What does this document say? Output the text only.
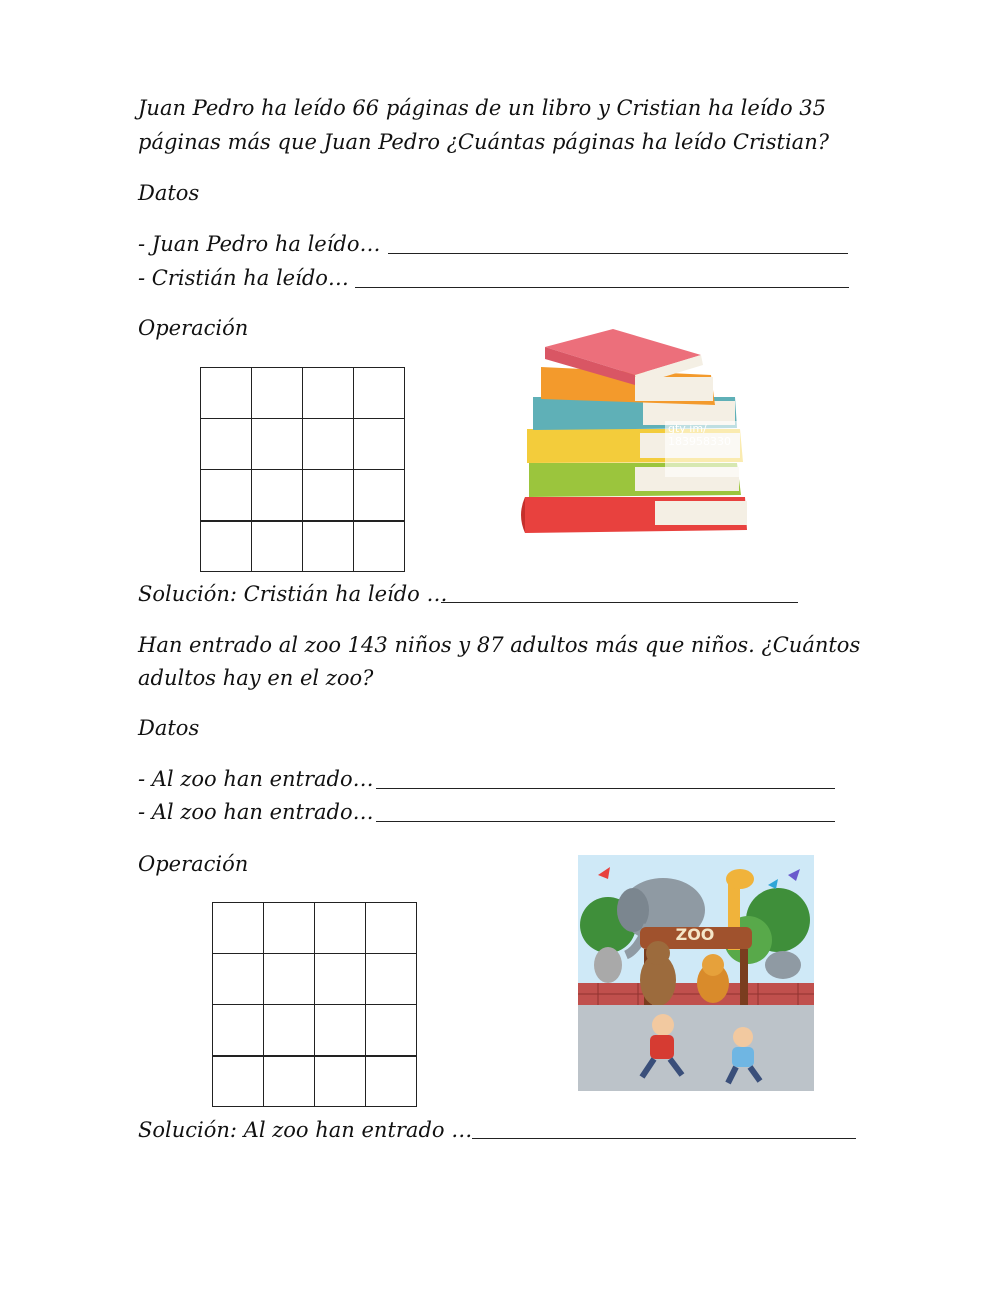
Juan Pedro ha leído 66 páginas de un libro y Cristian ha leído 35
páginas más que Juan Pedro ¿Cuántas páginas ha leído Cristian?
Datos
- Juan Pedro ha leído…
- Cristián ha leído…
Operación
gty im/ 183958330
Solución: Cristián ha leído …
Han entrado al zoo 143 niños y 87 adultos más que niños. ¿Cuántos
adultos hay en el zoo?
Datos
- Al zoo han entrado…
- Al zoo han entrado…
Operación
ZOO
Solución: Al zoo han entrado …
